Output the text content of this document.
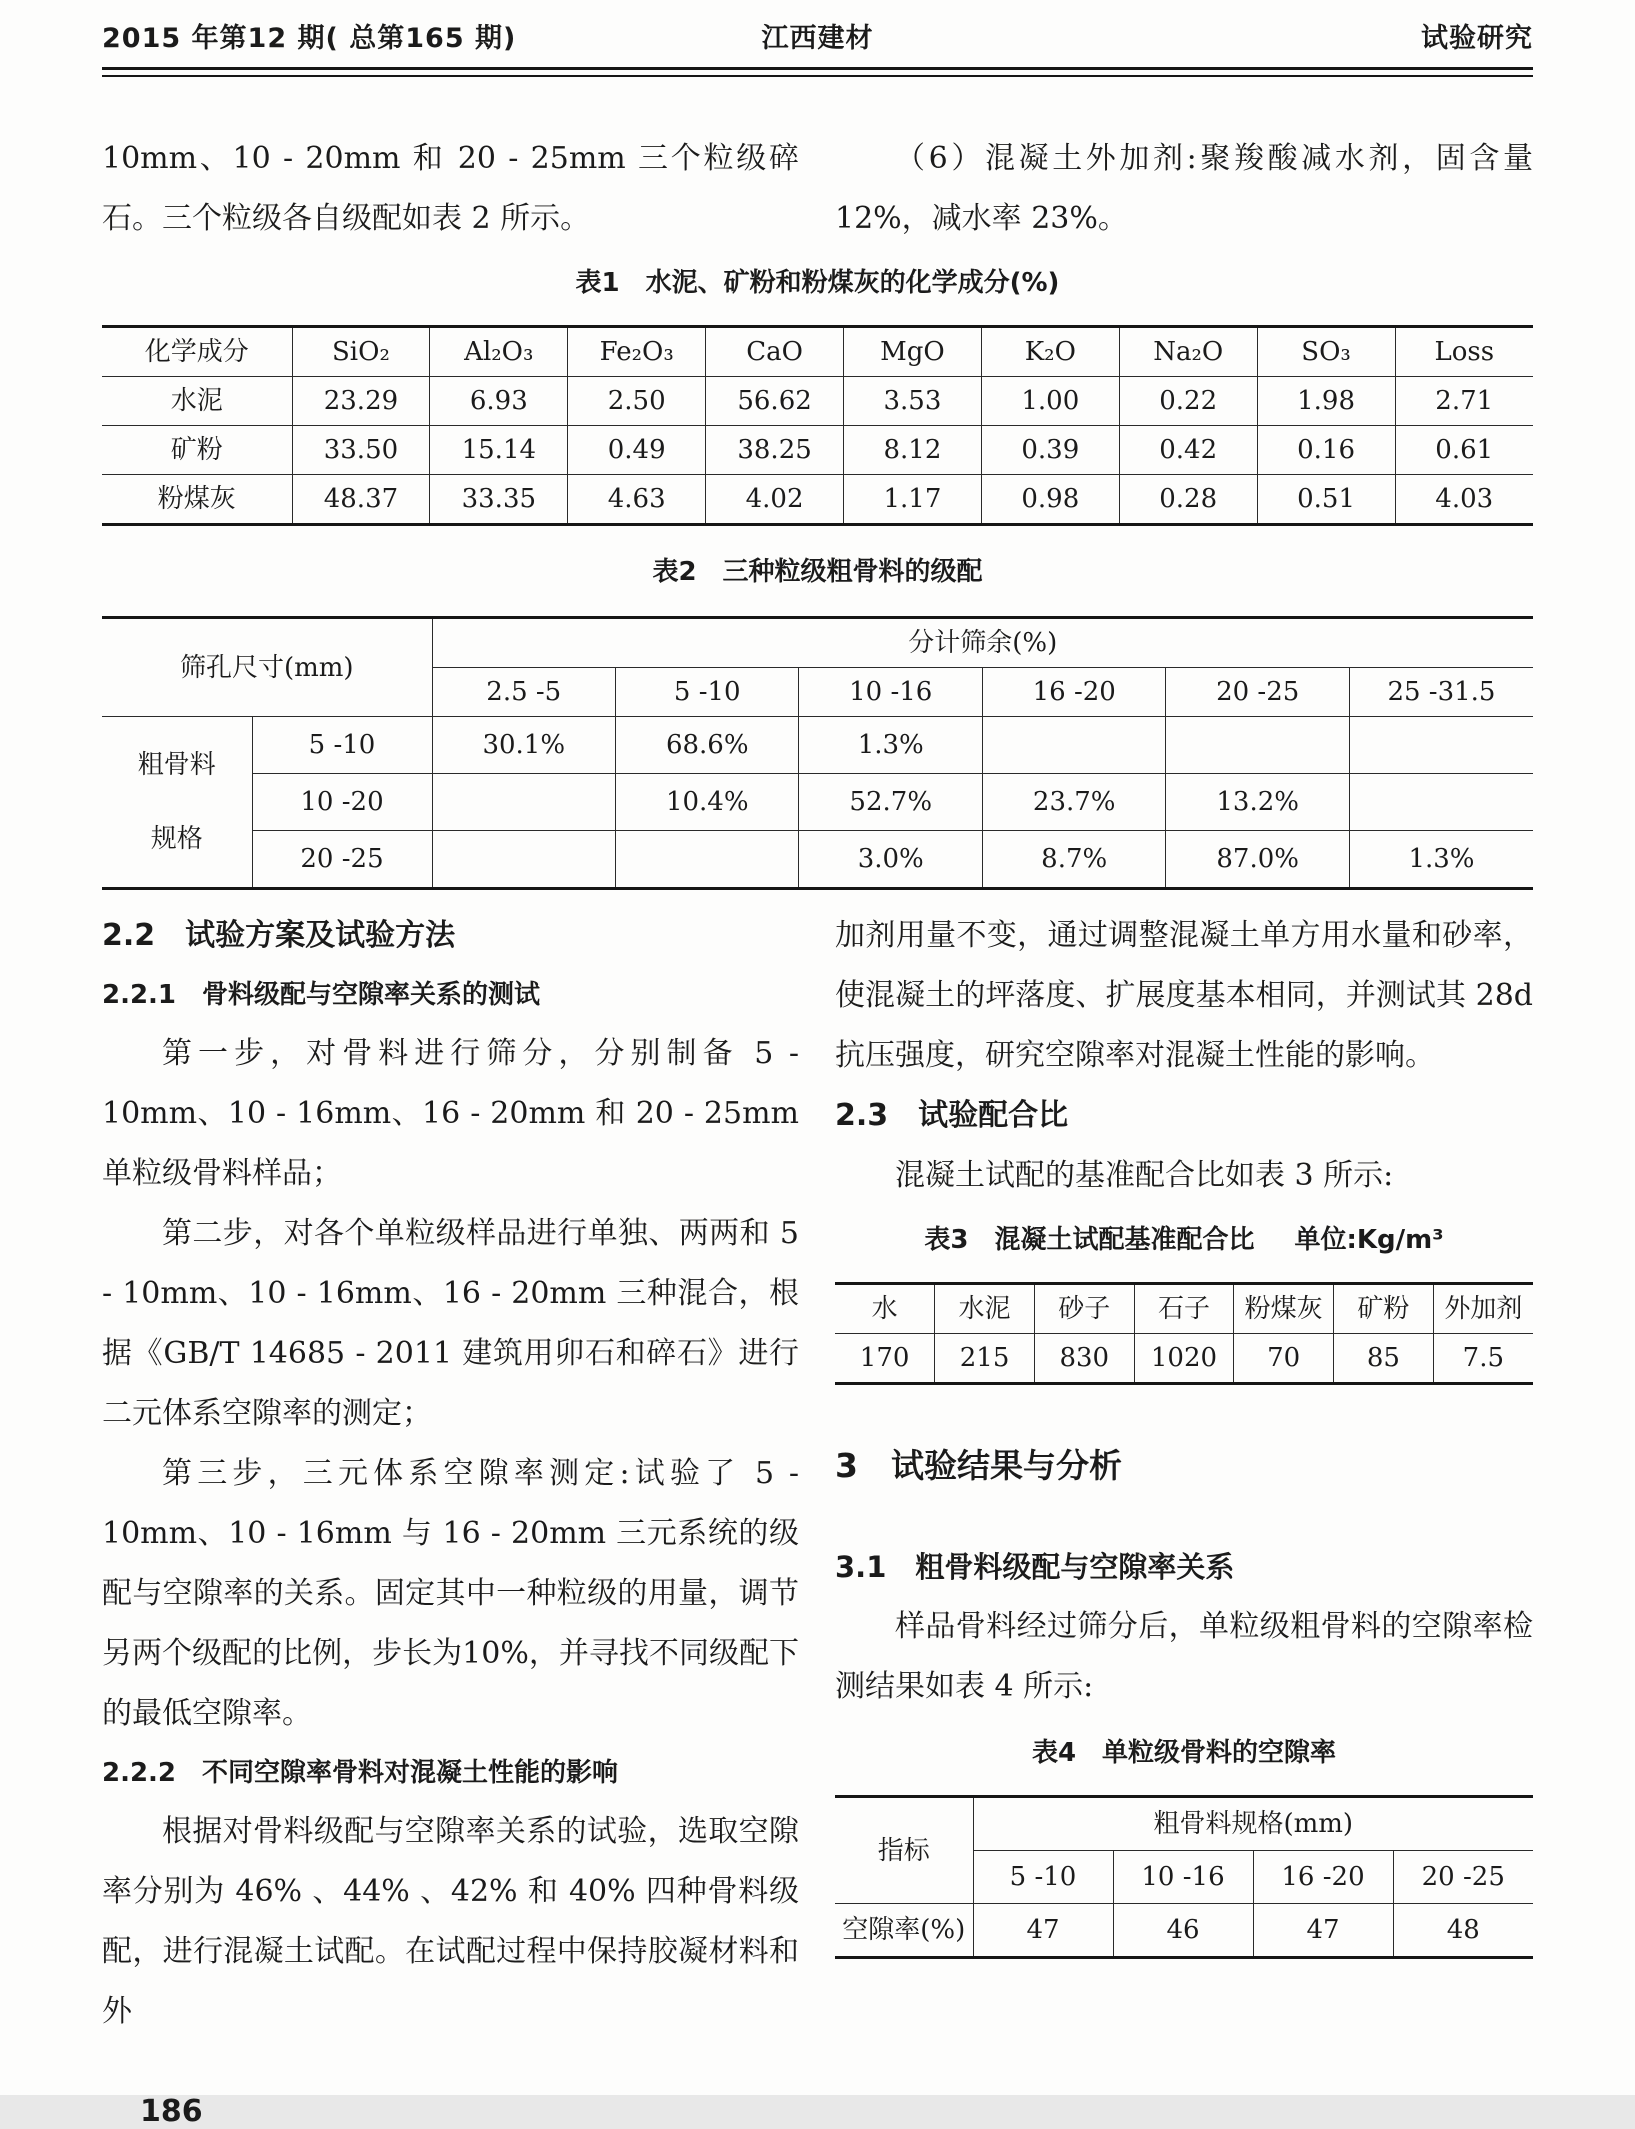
2015 年第12 期( 总第165 期)	江西建材	试验研究

10mm、10 - 20mm 和 20 - 25mm 三个粒级碎石。三个粒级各自级配如表 2 所示。

（6）混凝土外加剂:聚羧酸减水剂，固含量 12%，减水率 23%。

表1　水泥、矿粉和粉煤灰的化学成分(%)
化学成分	SiO₂	Al₂O₃	Fe₂O₃	CaO	MgO	K₂O	Na₂O	SO₃	Loss
水泥	23.29	6.93	2.50	56.62	3.53	1.00	0.22	1.98	2.71
矿粉	33.50	15.14	0.49	38.25	8.12	0.39	0.42	0.16	0.61
粉煤灰	48.37	33.35	4.63	4.02	1.17	0.98	0.28	0.51	4.03
表2　三种粒级粗骨料的级配
筛孔尺寸(mm)		分计筛余(%)					
		2.5 -5	5 -10	10 -16	16 -20	20 -25	25 -31.5

粗骨料
规格	5 -10	30.1%	68.6%	1.3%			
	10 -20		10.4%	52.7%	23.7%	13.2%	
	20 -25			3.0%	8.7%	87.0%	1.3%
2.2　试验方案及试验方法
2.2.1　骨料级配与空隙率关系的测试

第一步，对骨料进行筛分，分别制备 5 - 10mm、10 - 16mm、16 - 20mm 和 20 - 25mm 单粒级骨料样品；

第二步，对各个单粒级样品进行单独、两两和 5 - 10mm、10 - 16mm、16 - 20mm 三种混合，根据《GB/T 14685 - 2011 建筑用卯石和碎石》进行二元体系空隙率的测定；

第三步，三元体系空隙率测定:试验了 5 - 10mm、10 - 16mm 与 16 - 20mm 三元系统的级配与空隙率的关系。固定其中一种粒级的用量，调节另两个级配的比例，步长为10%，并寻找不同级配下的最低空隙率。

2.2.2　不同空隙率骨料对混凝土性能的影响

根据对骨料级配与空隙率关系的试验，选取空隙率分别为 46% 、44% 、42% 和 40% 四种骨料级配，进行混凝土试配。在试配过程中保持胶凝材料和外

加剂用量不变，通过调整混凝土单方用水量和砂率，使混凝土的坪落度、扩展度基本相同，并测试其 28d 抗压强度，研究空隙率对混凝土性能的影响。

2.3　试验配合比

混凝土试配的基准配合比如表 3 所示:

表3　混凝土试配基准配合比 单位:Kg/m³
水	水泥	砂子	石子	粉煤灰	矿粉	外加剂
170	215	830	1020	70	85	7.5
3　试验结果与分析
3.1　粗骨料级配与空隙率关系

样品骨料经过筛分后，单粒级粗骨料的空隙率检测结果如表 4 所示:

表4　单粒级骨料的空隙率
指标	粗骨料规格(mm)			
	5 -10	10 -16	16 -20	20 -25
空隙率(%)	47	46	47	48
186
